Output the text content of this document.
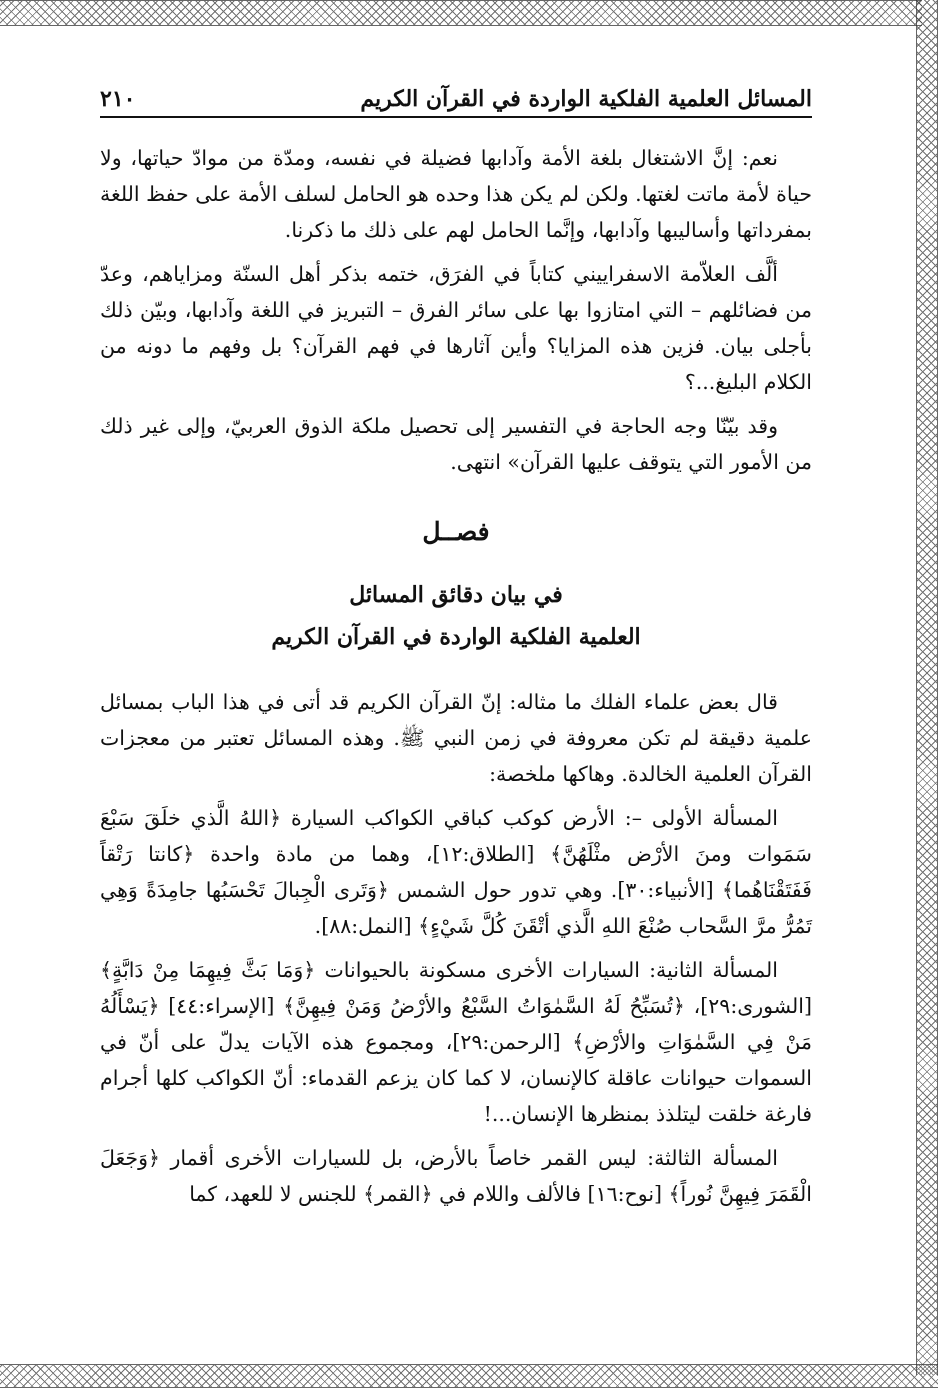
المسائل العلمية الفلكية الواردة في القرآن الكريم
٢١٠

نعم: إنَّ الاشتغال بلغة الأمة وآدابها فضيلة في نفسه، ومدّة من موادّ حياتها، ولا حياة لأمة ماتت لغتها. ولكن لم يكن هذا وحده هو الحامل لسلف الأمة على حفظ اللغة بمفرداتها وأساليبها وآدابها، وإنَّما الحامل لهم على ذلك ما ذكرنا.

ألَّف العلاّمة الاسفراييني كتاباً في الفرَق، ختمه بذكر أهل السنّة ومزاياهم، وعدّ من فضائلهم – التي امتازوا بها على سائر الفرق – التبريز في اللغة وآدابها، وبيّن ذلك بأجلى بيان. فزين هذه المزايا؟ وأين آثارها في فهم القرآن؟ بل وفهم ما دونه من الكلام البليغ...؟

وقد بيّنّا وجه الحاجة في التفسير إلى تحصيل ملكة الذوق العربيّ، وإلى غير ذلك من الأمور التي يتوقف عليها القرآن» انتهى.

فصــل
في بيان دقائق المسائل
العلمية الفلكية الواردة في القرآن الكريم

قال بعض علماء الفلك ما مثاله: إنّ القرآن الكريم قد أتى في هذا الباب بمسائل علمية دقيقة لم تكن معروفة في زمن النبي ﷺ. وهذه المسائل تعتبر من معجزات القرآن العلمية الخالدة. وهاكها ملخصة:

المسألة الأولى –: الأرض كوكب كباقي الكواكب السيارة ﴿اللهُ الَّذي خلَقَ سَبْعَ سَمَوات ومنَ الأرْض مثْلَهُنَّ﴾ [الطلاق:١٢]، وهما من مادة واحدة ﴿كانتا رَتْقاً فَفَتَقْنَاهُما﴾ [الأنبياء:٣٠]. وهي تدور حول الشمس ﴿وَتَرى الْجِبالَ تَحْسَبُها جامِدَةً وَهِي تَمُرُّ مرَّ السَّحاب صُنْعَ اللهِ الَّذي أتْقَنَ كُلَّ شَيْءٍ﴾ [النمل:٨٨].

المسألة الثانية: السيارات الأخرى مسكونة بالحيوانات ﴿وَمَا بَثَّ فِيهِمَا مِنْ دَابَّةٍ﴾ [الشورى:٢٩]، ﴿تُسَبِّحُ لَهُ السَّمٰوَاتُ السَّبْعُ والأرْضُ وَمَنْ فِيهِنَّ﴾ [الإسراء:٤٤] ﴿يَسْأَلُهُ مَنْ فِي السَّمٰوَاتِ والأرْضِ﴾ [الرحمن:٢٩]، ومجموع هذه الآيات يدلّ على أنّ في السموات حيوانات عاقلة كالإنسان، لا كما كان يزعم القدماء: أنّ الكواكب كلها أجرام فارغة خلقت ليتلذذ بمنظرها الإنسان...!

المسألة الثالثة: ليس القمر خاصاً بالأرض، بل للسيارات الأخرى أقمار ﴿وَجَعَلَ الْقَمَرَ فِيهِنَّ نُوراً﴾ [نوح:١٦] فالألف واللام في ﴿القمر﴾ للجنس لا للعهد، كما
